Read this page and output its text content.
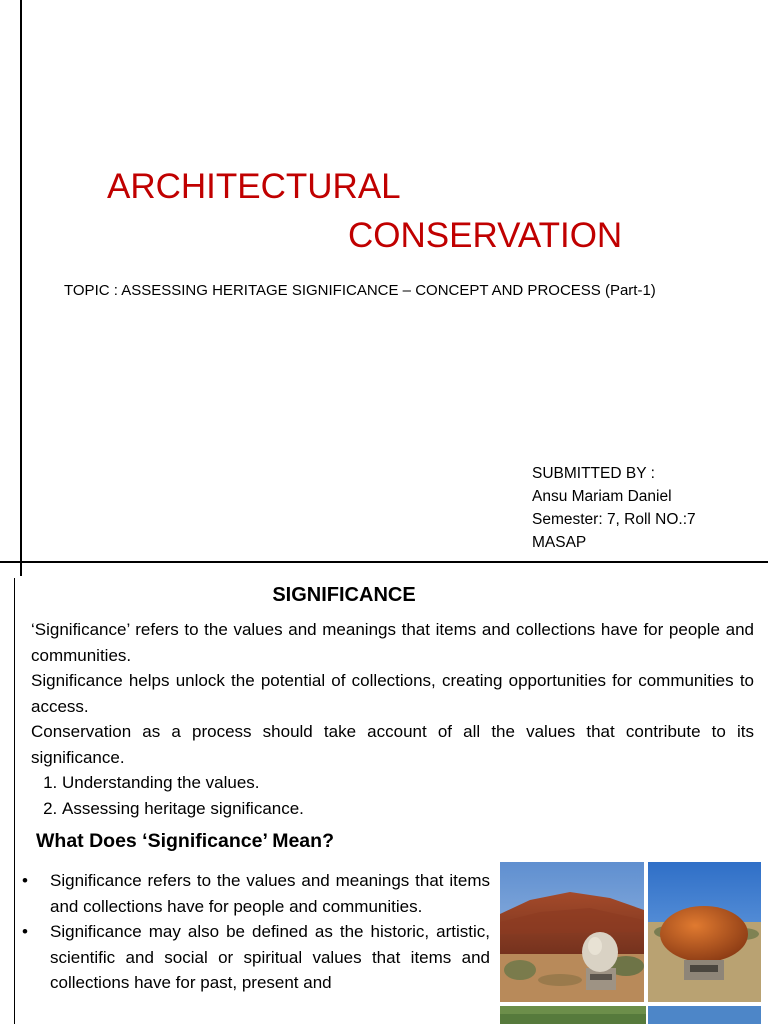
ARCHITECTURAL
CONSERVATION
TOPIC : ASSESSING HERITAGE SIGNIFICANCE – CONCEPT AND PROCESS (Part-1)
SUBMITTED BY :
Ansu Mariam Daniel
Semester: 7, Roll NO.:7
MASAP
SIGNIFICANCE

‘Significance’ refers to the values and meanings that items and collections have for people and communities.

Significance helps unlock the potential of collections, creating opportunities for communities to access.

Conservation as a process should take account of all the values that contribute to its significance.

1. Understanding the values.
2. Assessing heritage significance.
What Does ‘Significance’ Mean?
• Significance refers to the values and meanings that items and collections have for people and communities.
• Significance may also be defined as the historic, artistic, scientific and social or spiritual values that items and collections have for past, present and
